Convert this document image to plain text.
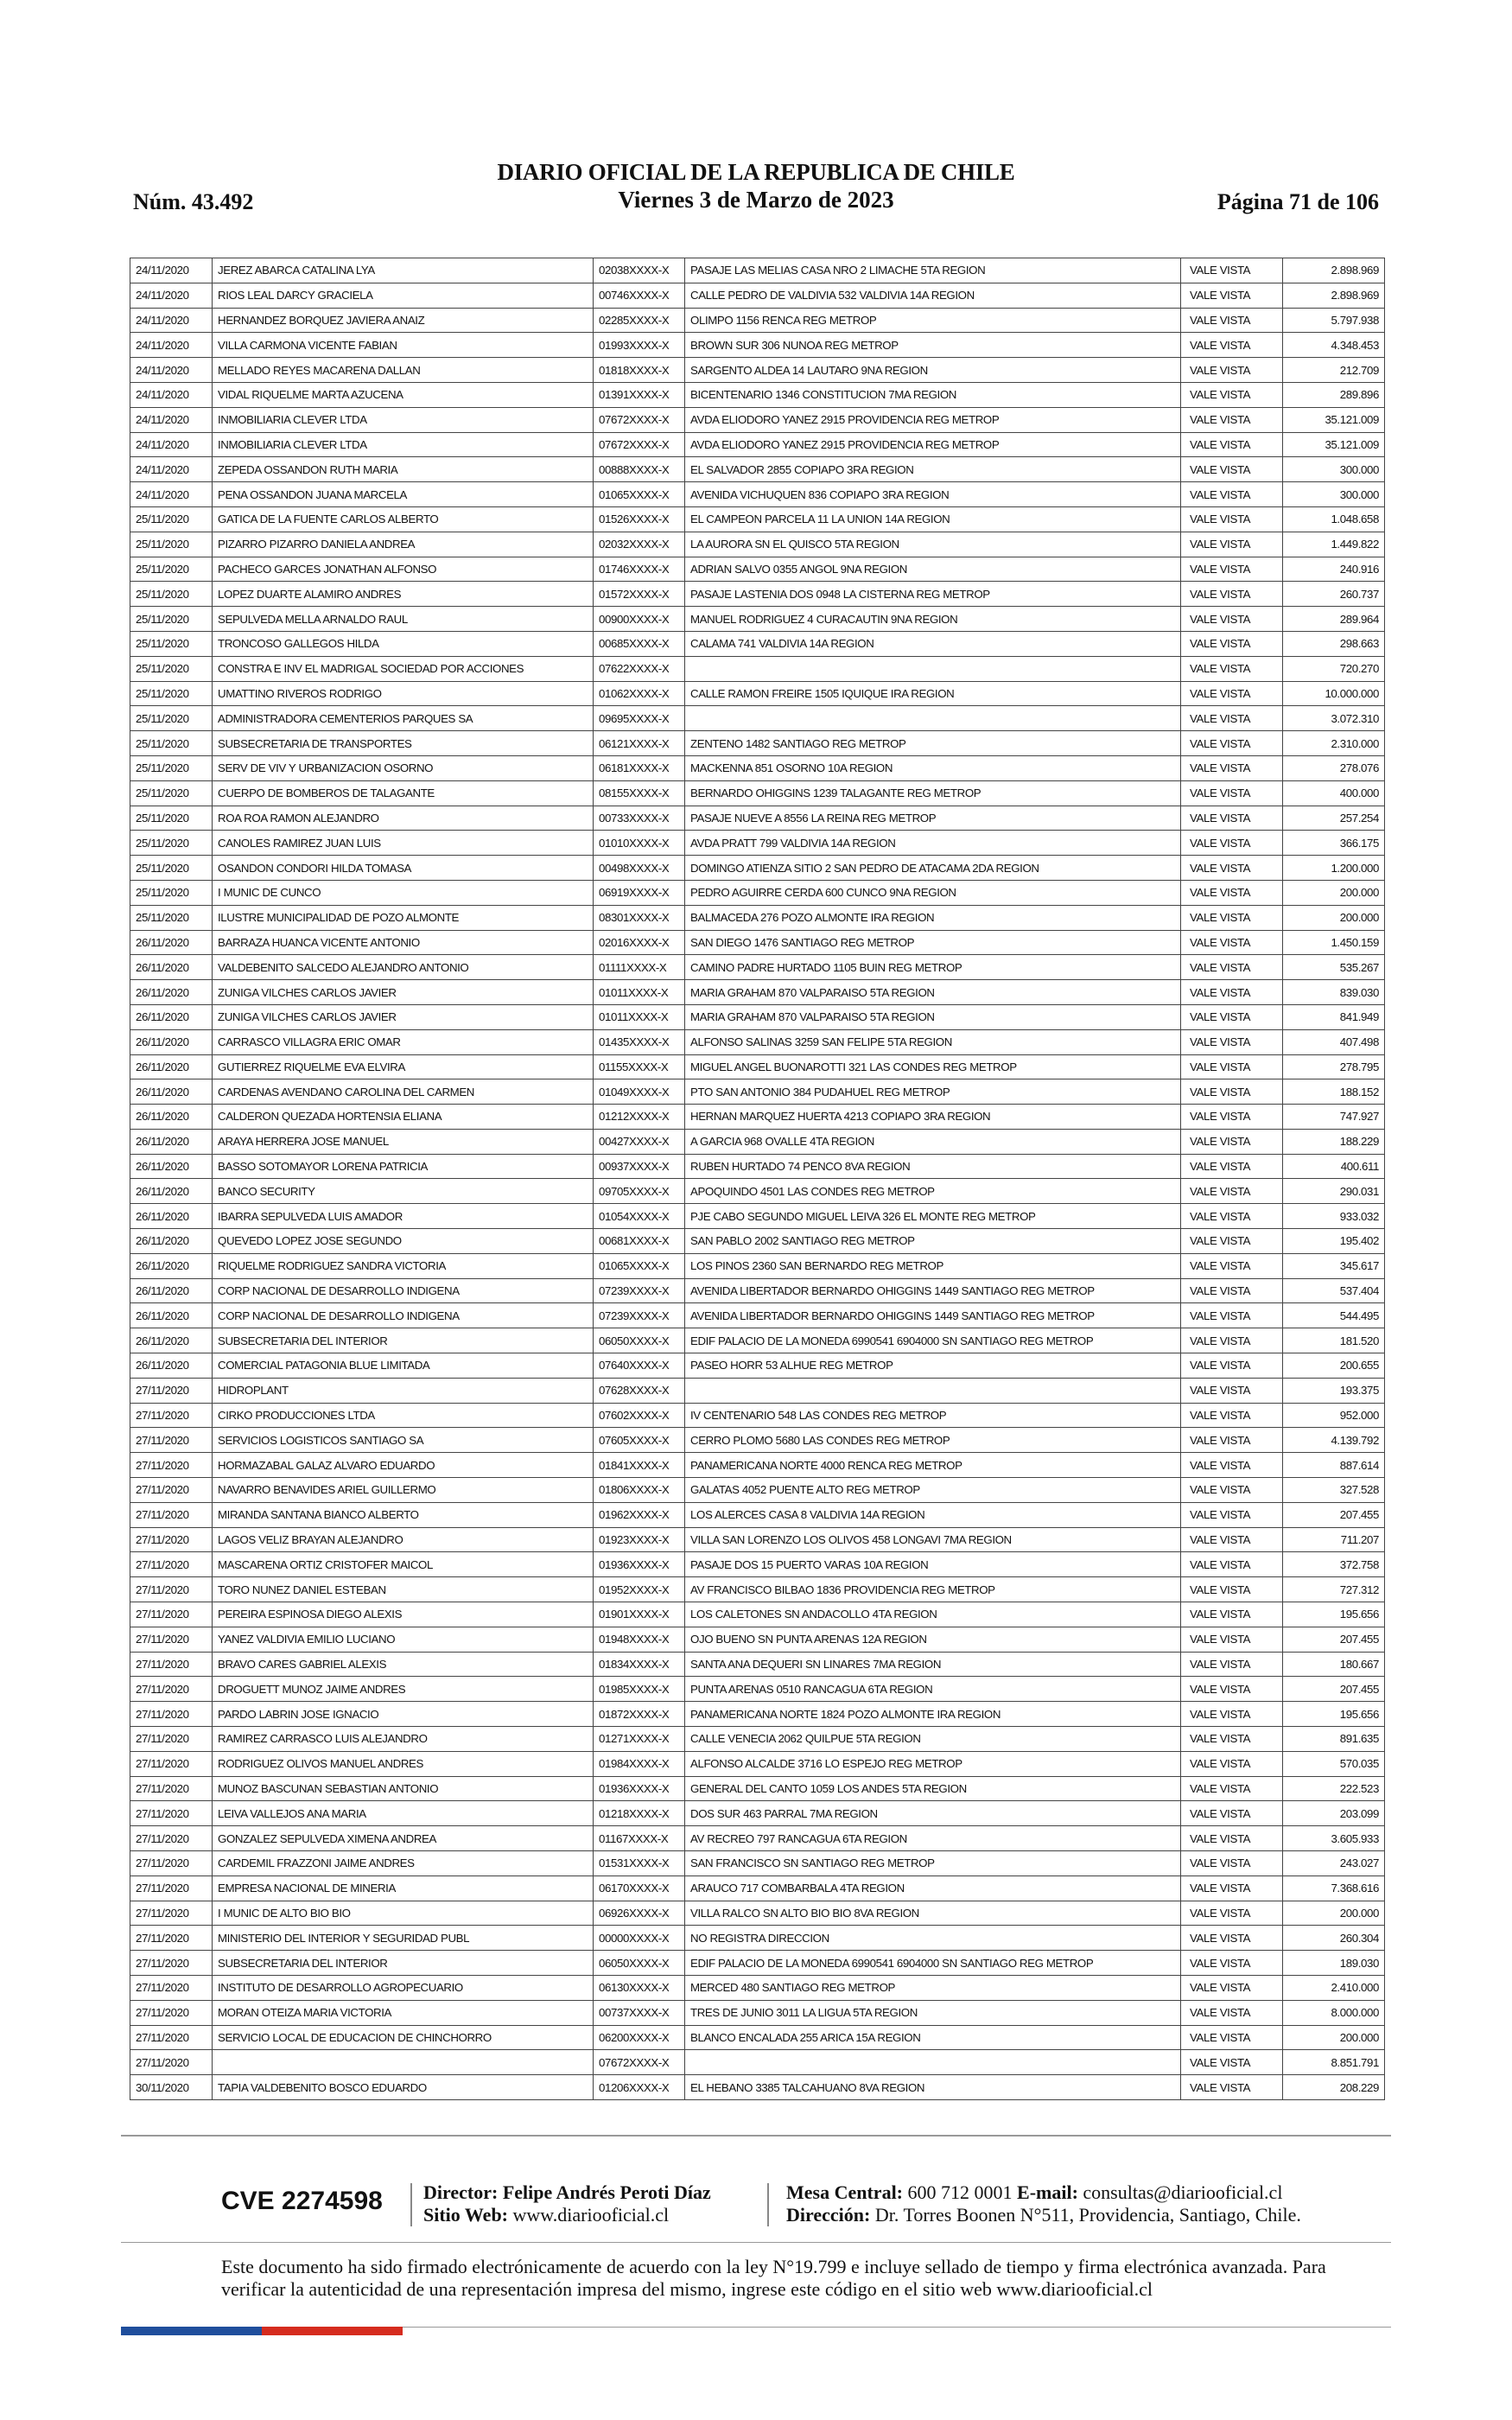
Núm. 43.492
DIARIO OFICIAL DE LA REPUBLICA DE CHILE
Viernes 3 de Marzo de 2023	Página 71 de 106
24/11/2020	JEREZ ABARCA CATALINA LYA	02038XXXX-X	PASAJE LAS MELIAS CASA NRO 2 LIMACHE 5TA REGION	VALE VISTA	2.898.969
24/11/2020	RIOS LEAL DARCY GRACIELA	00746XXXX-X	CALLE PEDRO DE VALDIVIA 532 VALDIVIA 14A REGION	VALE VISTA	2.898.969
24/11/2020	HERNANDEZ BORQUEZ JAVIERA ANAIZ	02285XXXX-X	OLIMPO 1156 RENCA REG METROP	VALE VISTA	5.797.938
24/11/2020	VILLA CARMONA VICENTE FABIAN	01993XXXX-X	BROWN SUR 306 NUNOA REG METROP	VALE VISTA	4.348.453
24/11/2020	MELLADO REYES MACARENA DALLAN	01818XXXX-X	SARGENTO ALDEA 14 LAUTARO 9NA REGION	VALE VISTA	212.709
24/11/2020	VIDAL RIQUELME MARTA AZUCENA	01391XXXX-X	BICENTENARIO 1346 CONSTITUCION 7MA REGION	VALE VISTA	289.896
24/11/2020	INMOBILIARIA CLEVER LTDA	07672XXXX-X	AVDA ELIODORO YANEZ 2915 PROVIDENCIA REG METROP	VALE VISTA	35.121.009
24/11/2020	INMOBILIARIA CLEVER LTDA	07672XXXX-X	AVDA ELIODORO YANEZ 2915 PROVIDENCIA REG METROP	VALE VISTA	35.121.009
24/11/2020	ZEPEDA OSSANDON RUTH MARIA	00888XXXX-X	EL SALVADOR 2855 COPIAPO 3RA REGION	VALE VISTA	300.000
24/11/2020	PENA OSSANDON JUANA MARCELA	01065XXXX-X	AVENIDA VICHUQUEN 836 COPIAPO 3RA REGION	VALE VISTA	300.000
25/11/2020	GATICA DE LA FUENTE CARLOS ALBERTO	01526XXXX-X	EL CAMPEON PARCELA 11 LA UNION 14A REGION	VALE VISTA	1.048.658
25/11/2020	PIZARRO PIZARRO DANIELA ANDREA	02032XXXX-X	LA AURORA SN EL QUISCO 5TA REGION	VALE VISTA	1.449.822
25/11/2020	PACHECO GARCES JONATHAN ALFONSO	01746XXXX-X	ADRIAN SALVO 0355 ANGOL 9NA REGION	VALE VISTA	240.916
25/11/2020	LOPEZ DUARTE ALAMIRO ANDRES	01572XXXX-X	PASAJE LASTENIA DOS 0948 LA CISTERNA REG METROP	VALE VISTA	260.737
25/11/2020	SEPULVEDA MELLA ARNALDO RAUL	00900XXXX-X	MANUEL RODRIGUEZ 4 CURACAUTIN 9NA REGION	VALE VISTA	289.964
25/11/2020	TRONCOSO GALLEGOS HILDA	00685XXXX-X	CALAMA 741 VALDIVIA 14A REGION	VALE VISTA	298.663
25/11/2020	CONSTRA E INV EL MADRIGAL SOCIEDAD POR ACCIONES	07622XXXX-X		VALE VISTA	720.270
25/11/2020	UMATTINO RIVEROS RODRIGO	01062XXXX-X	CALLE RAMON FREIRE 1505 IQUIQUE IRA REGION	VALE VISTA	10.000.000
25/11/2020	ADMINISTRADORA CEMENTERIOS PARQUES SA	09695XXXX-X		VALE VISTA	3.072.310
25/11/2020	SUBSECRETARIA DE TRANSPORTES	06121XXXX-X	ZENTENO 1482 SANTIAGO REG METROP	VALE VISTA	2.310.000
25/11/2020	SERV DE VIV Y URBANIZACION OSORNO	06181XXXX-X	MACKENNA 851 OSORNO 10A REGION	VALE VISTA	278.076
25/11/2020	CUERPO DE BOMBEROS DE TALAGANTE	08155XXXX-X	BERNARDO OHIGGINS 1239 TALAGANTE REG METROP	VALE VISTA	400.000
25/11/2020	ROA ROA RAMON ALEJANDRO	00733XXXX-X	PASAJE NUEVE A 8556 LA REINA REG METROP	VALE VISTA	257.254
25/11/2020	CANOLES RAMIREZ JUAN LUIS	01010XXXX-X	AVDA PRATT 799 VALDIVIA 14A REGION	VALE VISTA	366.175
25/11/2020	OSANDON CONDORI HILDA TOMASA	00498XXXX-X	DOMINGO ATIENZA SITIO 2 SAN PEDRO DE ATACAMA 2DA REGION	VALE VISTA	1.200.000
25/11/2020	I MUNIC DE CUNCO	06919XXXX-X	PEDRO AGUIRRE CERDA 600 CUNCO 9NA REGION	VALE VISTA	200.000
25/11/2020	ILUSTRE MUNICIPALIDAD DE POZO ALMONTE	08301XXXX-X	BALMACEDA 276 POZO ALMONTE IRA REGION	VALE VISTA	200.000
26/11/2020	BARRAZA HUANCA VICENTE ANTONIO	02016XXXX-X	SAN DIEGO 1476 SANTIAGO REG METROP	VALE VISTA	1.450.159
26/11/2020	VALDEBENITO SALCEDO ALEJANDRO ANTONIO	01111XXXX-X	CAMINO PADRE HURTADO 1105 BUIN REG METROP	VALE VISTA	535.267
26/11/2020	ZUNIGA VILCHES CARLOS JAVIER	01011XXXX-X	MARIA GRAHAM 870 VALPARAISO 5TA REGION	VALE VISTA	839.030
26/11/2020	ZUNIGA VILCHES CARLOS JAVIER	01011XXXX-X	MARIA GRAHAM 870 VALPARAISO 5TA REGION	VALE VISTA	841.949
26/11/2020	CARRASCO VILLAGRA ERIC OMAR	01435XXXX-X	ALFONSO SALINAS 3259 SAN FELIPE 5TA REGION	VALE VISTA	407.498
26/11/2020	GUTIERREZ RIQUELME EVA ELVIRA	01155XXXX-X	MIGUEL ANGEL BUONAROTTI 321 LAS CONDES REG METROP	VALE VISTA	278.795
26/11/2020	CARDENAS AVENDANO CAROLINA DEL CARMEN	01049XXXX-X	PTO SAN ANTONIO 384 PUDAHUEL REG METROP	VALE VISTA	188.152
26/11/2020	CALDERON QUEZADA HORTENSIA ELIANA	01212XXXX-X	HERNAN MARQUEZ HUERTA 4213 COPIAPO 3RA REGION	VALE VISTA	747.927
26/11/2020	ARAYA HERRERA JOSE MANUEL	00427XXXX-X	A GARCIA 968 OVALLE 4TA REGION	VALE VISTA	188.229
26/11/2020	BASSO SOTOMAYOR LORENA PATRICIA	00937XXXX-X	RUBEN HURTADO 74 PENCO 8VA REGION	VALE VISTA	400.611
26/11/2020	BANCO SECURITY	09705XXXX-X	APOQUINDO 4501 LAS CONDES REG METROP	VALE VISTA	290.031
26/11/2020	IBARRA SEPULVEDA LUIS AMADOR	01054XXXX-X	PJE CABO SEGUNDO MIGUEL LEIVA 326 EL MONTE REG METROP	VALE VISTA	933.032
26/11/2020	QUEVEDO LOPEZ JOSE SEGUNDO	00681XXXX-X	SAN PABLO 2002 SANTIAGO REG METROP	VALE VISTA	195.402
26/11/2020	RIQUELME RODRIGUEZ SANDRA VICTORIA	01065XXXX-X	LOS PINOS 2360 SAN BERNARDO REG METROP	VALE VISTA	345.617
26/11/2020	CORP NACIONAL DE DESARROLLO INDIGENA	07239XXXX-X	AVENIDA LIBERTADOR BERNARDO OHIGGINS 1449 SANTIAGO REG METROP	VALE VISTA	537.404
26/11/2020	CORP NACIONAL DE DESARROLLO INDIGENA	07239XXXX-X	AVENIDA LIBERTADOR BERNARDO OHIGGINS 1449 SANTIAGO REG METROP	VALE VISTA	544.495
26/11/2020	SUBSECRETARIA DEL INTERIOR	06050XXXX-X	EDIF PALACIO DE LA MONEDA 6990541 6904000 SN SANTIAGO REG METROP	VALE VISTA	181.520
26/11/2020	COMERCIAL PATAGONIA BLUE LIMITADA	07640XXXX-X	PASEO HORR 53 ALHUE REG METROP	VALE VISTA	200.655
27/11/2020	HIDROPLANT	07628XXXX-X		VALE VISTA	193.375
27/11/2020	CIRKO PRODUCCIONES LTDA	07602XXXX-X	IV CENTENARIO 548 LAS CONDES REG METROP	VALE VISTA	952.000
27/11/2020	SERVICIOS LOGISTICOS SANTIAGO SA	07605XXXX-X	CERRO PLOMO 5680 LAS CONDES REG METROP	VALE VISTA	4.139.792
27/11/2020	HORMAZABAL GALAZ ALVARO EDUARDO	01841XXXX-X	PANAMERICANA NORTE 4000 RENCA REG METROP	VALE VISTA	887.614
27/11/2020	NAVARRO BENAVIDES ARIEL GUILLERMO	01806XXXX-X	GALATAS 4052 PUENTE ALTO REG METROP	VALE VISTA	327.528
27/11/2020	MIRANDA SANTANA BIANCO ALBERTO	01962XXXX-X	LOS ALERCES CASA 8 VALDIVIA 14A REGION	VALE VISTA	207.455
27/11/2020	LAGOS VELIZ BRAYAN ALEJANDRO	01923XXXX-X	VILLA SAN LORENZO LOS OLIVOS 458 LONGAVI 7MA REGION	VALE VISTA	711.207
27/11/2020	MASCARENA ORTIZ CRISTOFER MAICOL	01936XXXX-X	PASAJE DOS 15 PUERTO VARAS 10A REGION	VALE VISTA	372.758
27/11/2020	TORO NUNEZ DANIEL ESTEBAN	01952XXXX-X	AV FRANCISCO BILBAO 1836 PROVIDENCIA REG METROP	VALE VISTA	727.312
27/11/2020	PEREIRA ESPINOSA DIEGO ALEXIS	01901XXXX-X	LOS CALETONES SN ANDACOLLO 4TA REGION	VALE VISTA	195.656
27/11/2020	YANEZ VALDIVIA EMILIO LUCIANO	01948XXXX-X	OJO BUENO SN PUNTA ARENAS 12A REGION	VALE VISTA	207.455
27/11/2020	BRAVO CARES GABRIEL ALEXIS	01834XXXX-X	SANTA ANA DEQUERI SN LINARES 7MA REGION	VALE VISTA	180.667
27/11/2020	DROGUETT MUNOZ JAIME ANDRES	01985XXXX-X	PUNTA ARENAS 0510 RANCAGUA 6TA REGION	VALE VISTA	207.455
27/11/2020	PARDO LABRIN JOSE IGNACIO	01872XXXX-X	PANAMERICANA NORTE 1824 POZO ALMONTE IRA REGION	VALE VISTA	195.656
27/11/2020	RAMIREZ CARRASCO LUIS ALEJANDRO	01271XXXX-X	CALLE VENECIA 2062 QUILPUE 5TA REGION	VALE VISTA	891.635
27/11/2020	RODRIGUEZ OLIVOS MANUEL ANDRES	01984XXXX-X	ALFONSO ALCALDE 3716 LO ESPEJO REG METROP	VALE VISTA	570.035
27/11/2020	MUNOZ BASCUNAN SEBASTIAN ANTONIO	01936XXXX-X	GENERAL DEL CANTO 1059 LOS ANDES 5TA REGION	VALE VISTA	222.523
27/11/2020	LEIVA VALLEJOS ANA MARIA	01218XXXX-X	DOS SUR 463 PARRAL 7MA REGION	VALE VISTA	203.099
27/11/2020	GONZALEZ SEPULVEDA XIMENA ANDREA	01167XXXX-X	AV RECREO 797 RANCAGUA 6TA REGION	VALE VISTA	3.605.933
27/11/2020	CARDEMIL FRAZZONI JAIME ANDRES	01531XXXX-X	SAN FRANCISCO SN SANTIAGO REG METROP	VALE VISTA	243.027
27/11/2020	EMPRESA NACIONAL DE MINERIA	06170XXXX-X	ARAUCO 717 COMBARBALA 4TA REGION	VALE VISTA	7.368.616
27/11/2020	I MUNIC DE ALTO BIO BIO	06926XXXX-X	VILLA RALCO SN ALTO BIO BIO 8VA REGION	VALE VISTA	200.000
27/11/2020	MINISTERIO DEL INTERIOR Y SEGURIDAD PUBL	00000XXXX-X	NO REGISTRA DIRECCION	VALE VISTA	260.304
27/11/2020	SUBSECRETARIA DEL INTERIOR	06050XXXX-X	EDIF PALACIO DE LA MONEDA 6990541 6904000 SN SANTIAGO REG METROP	VALE VISTA	189.030
27/11/2020	INSTITUTO DE DESARROLLO AGROPECUARIO	06130XXXX-X	MERCED 480 SANTIAGO REG METROP	VALE VISTA	2.410.000
27/11/2020	MORAN OTEIZA MARIA VICTORIA	00737XXXX-X	TRES DE JUNIO 3011 LA LIGUA 5TA REGION	VALE VISTA	8.000.000
27/11/2020	SERVICIO LOCAL DE EDUCACION DE CHINCHORRO	06200XXXX-X	BLANCO ENCALADA 255 ARICA 15A REGION	VALE VISTA	200.000
27/11/2020		07672XXXX-X		VALE VISTA	8.851.791
30/11/2020	TAPIA VALDEBENITO BOSCO EDUARDO	01206XXXX-X	EL HEBANO 3385 TALCAHUANO 8VA REGION	VALE VISTA	208.229
CVE 2274598 Director: Felipe Andrés Peroti Díaz
Sitio Web: www.diariooficial.cl
Mesa Central: 600 712 0001 E-mail: consultas@diariooficial.cl
Dirección: Dr. Torres Boonen N°511, Providencia, Santiago, Chile.
Este documento ha sido firmado electrónicamente de acuerdo con la ley N°19.799 e incluye sellado de tiempo y firma electrónica avanzada. Para verificar la autenticidad de una representación impresa del mismo, ingrese este código en el sitio web www.diariooficial.cl
